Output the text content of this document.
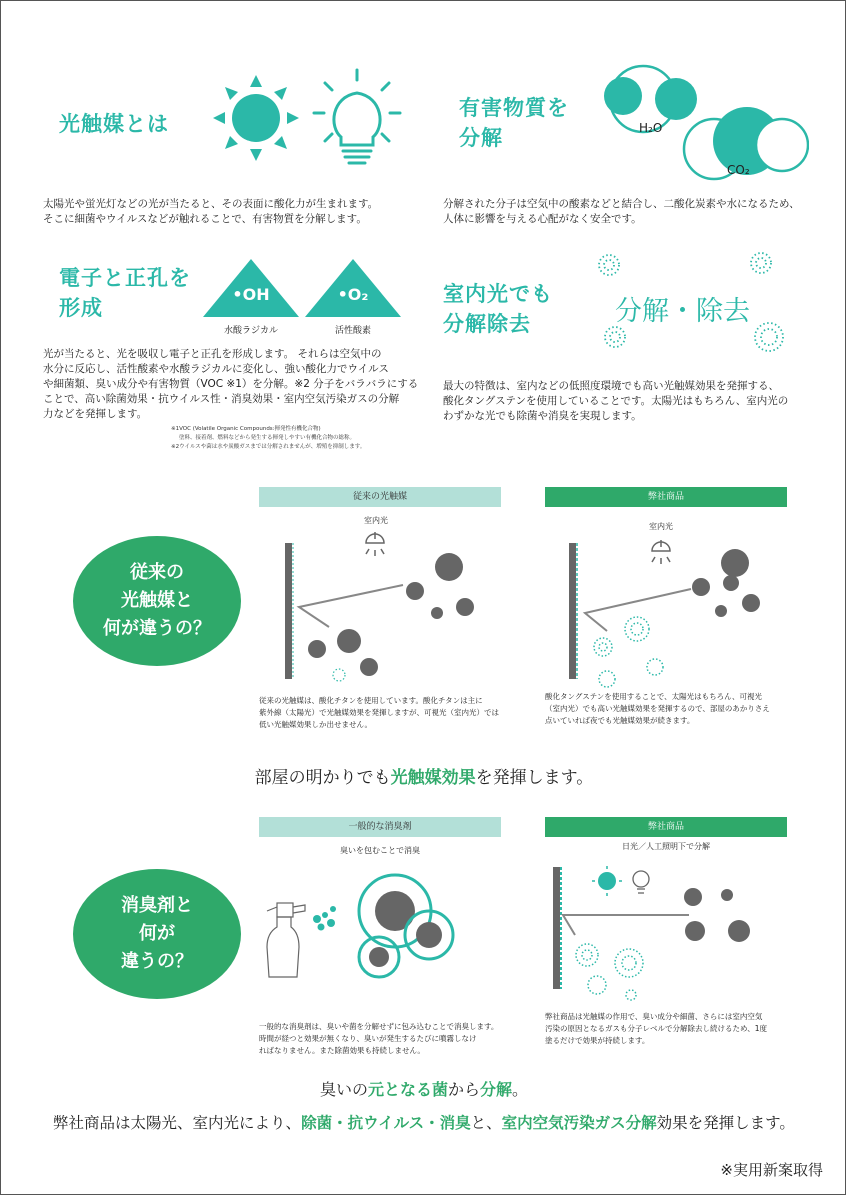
光触媒とは
太陽光や蛍光灯などの光が当たると、その表面に酸化力が生まれます。
そこに細菌やウイルスなどが触れることで、有害物質を分解します。
有害物質を
分解	H₂O
CO₂
分解された分子は空気中の酸素などと結合し、二酸化炭素や水になるため、
人体に影響を与える心配がなく安全です。
電子と正孔を
形成
•OH	•O₂
水酸ラジカル	活性酸素
光が当たると、光を吸収し電子と正孔を形成します。 それらは空気中の
水分に反応し、活性酸素や水酸ラジカルに変化し、強い酸化力でウイルス
や細菌類、臭い成分や有害物質（VOC ※1）を分解。※2 分子をバラバラにする
ことで、高い除菌効果・抗ウイルス性・消臭効果・室内空気汚染ガスの分解
力などを発揮します。
※1VOC (Volatile Organic Compounds:揮発性有機化合物)
塗料、接着剤、燃料などから発生する揮発しやすい有機化合物の総称。
※2ウイルスや菌は水や炭酸ガスまでは分解されませんが、増殖を抑制します。
室内光でも
分解除去	分解・除去
最大の特徴は、室内などの低照度環境でも高い光触媒効果を発揮する、
酸化タングステンを使用していることです。太陽光はもちろん、室内光の
わずかな光でも除菌や消臭を実現します。
従来の
光触媒と
何が違うの？
従来の光触媒	弊社商品
室内光
室内光
従来の光触媒は、酸化チタンを使用しています。酸化チタンは主に
紫外線（太陽光）で光触媒効果を発揮しますが、可視光（室内光）では
低い光触媒効果しか出せません。
酸化タングステンを使用することで、太陽光はもちろん、可視光
（室内光）でも高い光触媒効果を発揮するので、部屋のあかりさえ
点いていれば夜でも光触媒効果が続きます。
部屋の明かりでも光触媒効果を発揮します。
消臭剤と
何が
違うの？
一般的な消臭剤	弊社商品
臭いを包むことで消臭	日光／人工照明下で分解
一般的な消臭剤は、臭いや菌を分解せずに包み込むことで消臭します。
時間が経つと効果が無くなり、臭いが発生するたびに噴霧しなけ
ればなりません。また除菌効果も持続しません。
弊社商品は光触媒の作用で、臭い成分や細菌、さらには室内空気
汚染の原因となるガスも分子レベルで分解除去し続けるため、1度
塗るだけで効果が持続します。
臭いの元となる菌から分解。
弊社商品は太陽光、室内光により、除菌・抗ウイルス・消臭と、室内空気汚染ガス分解効果を発揮します。
※実用新案取得
